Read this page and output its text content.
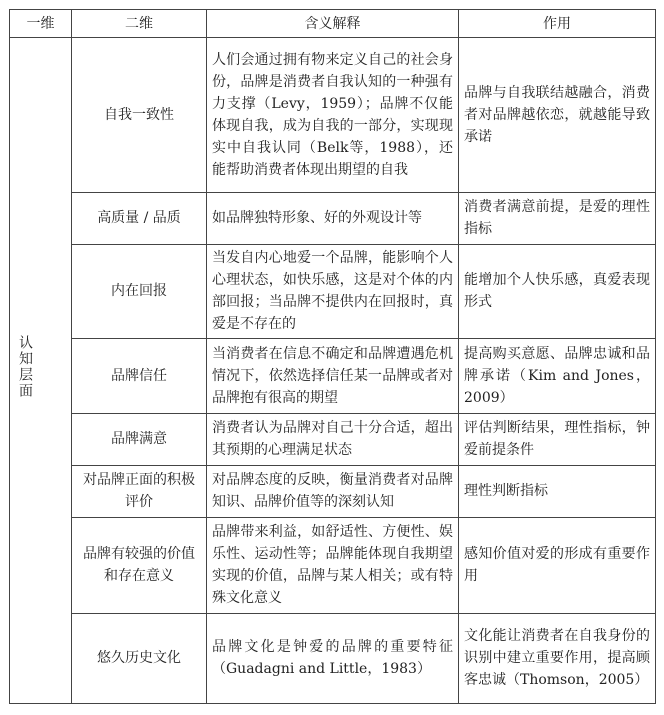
一维	二维	含义解释	作用
认知层面	自我一致性	人们会通过拥有物来定义自己的社会身份，品牌是消费者自我认知的一种强有力支撑（Levy，1959）；品牌不仅能体现自我，成为自我的一部分，实现现实中自我认同（Belk等，1988），还能帮助消费者体现出期望的自我	品牌与自我联结越融合，消费者对品牌越依恋，就越能导致承诺
	高质量 / 品质	如品牌独特形象、好的外观设计等	消费者满意前提，是爱的理性指标
	内在回报	当发自内心地爱一个品牌，能影响个人心理状态，如快乐感，这是对个体的内部回报；当品牌不提供内在回报时，真爱是不存在的	能增加个人快乐感，真爱表现形式
	品牌信任	当消费者在信息不确定和品牌遭遇危机情况下，依然选择信任某一品牌或者对品牌抱有很高的期望	提高购买意愿、品牌忠诚和品牌承诺（Kim and Jones，2009）
	品牌满意	消费者认为品牌对自己十分合适，超出其预期的心理满足状态	评估判断结果，理性指标，钟爱前提条件
	对品牌正面的积极评价	对品牌态度的反映，衡量消费者对品牌知识、品牌价值等的深刻认知	理性判断指标
	品牌有较强的价值和存在意义	品牌带来利益，如舒适性、方便性、娱乐性、运动性等；品牌能体现自我期望实现的价值，品牌与某人相关；或有特殊文化意义	感知价值对爱的形成有重要作用
	悠久历史文化	品牌文化是钟爱的品牌的重要特征（Guadagni and Little，1983）	文化能让消费者在自我身份的识别中建立重要作用，提高顾客忠诚（Thomson，2005）
